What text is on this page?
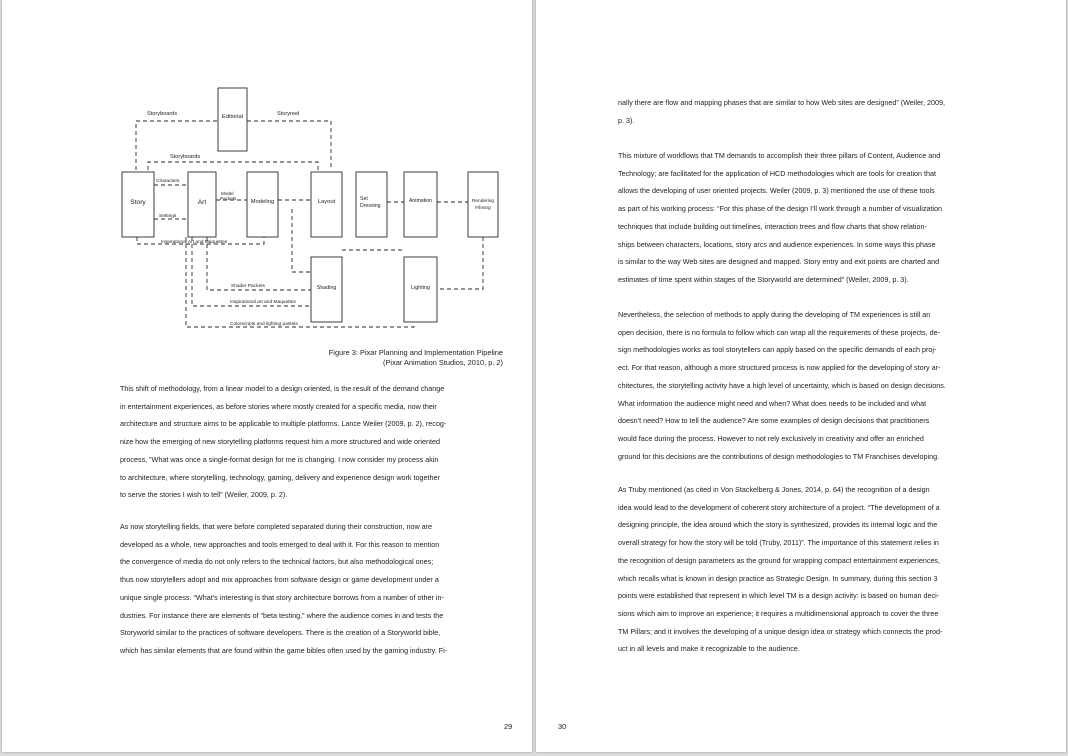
Storyboards	Editorial	Storyreel
Storyboards
Story
Characters
Settings
Art
Model
Packets
Modeling	Layout	Set
Dressing
Animation	Rendering
Filming
Inspirational Art and Maquettes
Shader Packets	Shading	Lighting
Inspirational art and Maquettes
Colorscripts and lighting pastels
Figure 3: Pixar Planning and Implementation Pipeline
(Pixar Animation Studios, 2010, p. 2)
This shift of methodology, from a linear model to a design oriented, is the result of the demand change
in entertainment experiences, as before stories where mostly created for a specific media, now their
architecture and structure aims to be applicable to multiple platforms. Lance Weiler (2009, p. 2), recog-
nize how the emerging of new storytelling platforms request him a more structured and wide oriented
process, “What was once a single-format design for me is changing. I now consider my process akin
to architecture, where storytelling, technology, gaming, delivery and experience design work together
to serve the stories I wish to tell” (Weiler, 2009, p. 2).
As now storytelling fields, that were before completed separated during their construction, now are
developed as a whole, new approaches and tools emerged to deal with it. For this reason to mention
the convergence of media do not only refers to the technical factors, but also methodological ones;
thus now storytellers adopt and mix approaches from software design or game development under a
unique single process. “What’s interesting is that story architecture borrows from a number of other in-
dustries. For instance there are elements of “beta testing,” where the audience comes in and tests the
Storyworld similar to the practices of software developers. There is the creation of a Storyworld bible,
which has similar elements that are found within the game bibles often used by the gaming industry. Fi-
29
nally there are flow and mapping phases that are similar to how Web sites are designed” (Weiler, 2009,
p. 3).
This mixture of workflows that TM demands to accomplish their three pillars of Content, Audience and
Technology; are facilitated for the application of HCD methodologies which are tools for creation that
allows the developing of user oriented projects. Weiler (2009, p. 3) mentioned the use of these tools
as part of his working process: “For this phase of the design I’ll work through a number of visualization
techniques that include building out timelines, interaction trees and flow charts that show relation-
ships between characters, locations, story arcs and audience experiences. In some ways this phase
is similar to the way Web sites are designed and mapped. Story entry and exit points are charted and
estimates of time spent within stages of the Storyworld are determined” (Weiler, 2009, p. 3).
Nevertheless, the selection of methods to apply during the developing of TM experiences is still an
open decision, there is no formula to follow which can wrap all the requirements of these projects, de-
sign methodologies works as tool storytellers can apply based on the specific demands of each proj-
ect. For that reason, although a more structured process is now applied for the developing of story ar-
chitectures, the storytelling activity have a high level of uncertainty, which is based on design decisions.
What information the audience might need and when? What does needs to be included and what
doesn’t need? How to tell the audience? Are some examples of design decisions that practitioners
would face during the process. However to not rely exclusively in creativity and offer an enriched
ground for this decisions are the contributions of design methodologies to TM Franchises developing.
As Truby mentioned (as cited in Von Stackelberg & Jones, 2014, p. 64) the recognition of a design
idea would lead to the development of coherent story architecture of a project. “The development of a
designing principle, the idea around which the story is synthesized, provides its internal logic and the
overall strategy for how the story will be told (Truby, 2011)”. The importance of this statement relies in
the recognition of design parameters as the ground for wrapping compact entertainment experiences,
which recalls what is known in design practice as Strategic Design. In summary, during this section 3
points were established that represent in which level TM is a design activity: is based on human deci-
sions which aim to improve an experience; it requires a multidimensional approach to cover the three
TM Pillars; and it involves the developing of a unique design idea or strategy which connects the prod-
uct in all levels and make it recognizable to the audience.
30
